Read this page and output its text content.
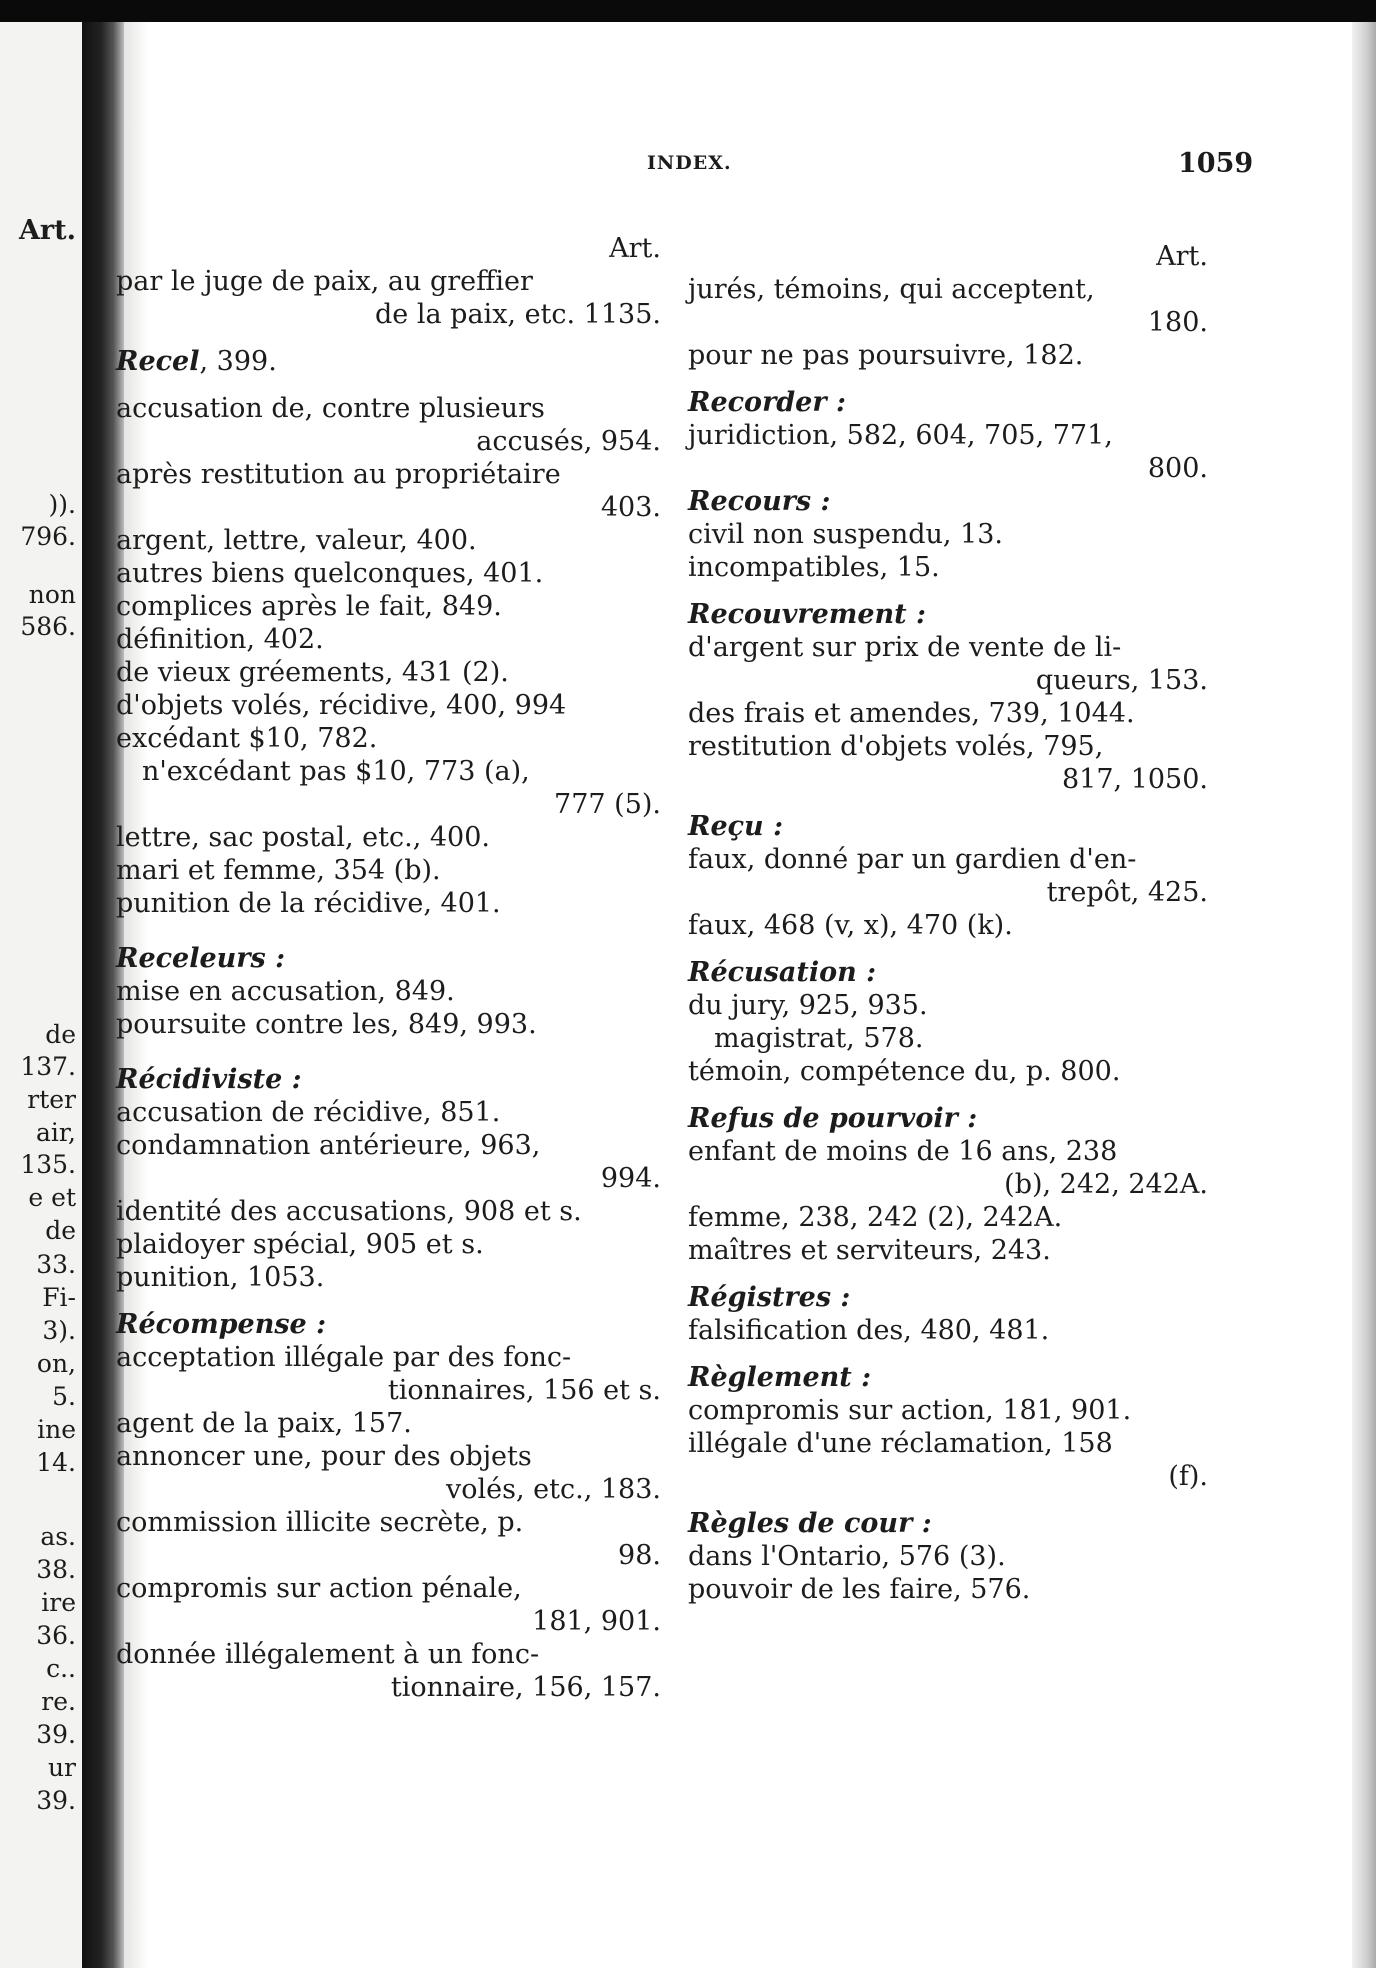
Art.
)).
796.
non
586.
de
137.
rter
air,
135.
e et
de
33.
Fi-
3).
on,
5.
ine
14.
as.
38.
ire
36.
c..
re.
39.
ur
39.
INDEX.	1059
Art.
par le juge de paix, au greffier
de la paix, etc. 1135.
Recel, 399.
accusation de, contre plusieurs
accusés, 954.
après restitution au propriétaire
403.
argent, lettre, valeur, 400.
autres biens quelconques, 401.
complices après le fait, 849.
définition, 402.
de vieux gréements, 431 (2).
d'objets volés, récidive, 400, 994
excédant $10, 782.
n'excédant pas $10, 773 (a),
777 (5).
lettre, sac postal, etc., 400.
mari et femme, 354 (b).
punition de la récidive, 401.
Receleurs :
mise en accusation, 849.
poursuite contre les, 849, 993.
Récidiviste :
accusation de récidive, 851.
condamnation antérieure, 963,
994.
identité des accusations, 908 et s.
plaidoyer spécial, 905 et s.
punition, 1053.
Récompense :
acceptation illégale par des fonc-
tionnaires, 156 et s.
agent de la paix, 157.
annoncer une, pour des objets
volés, etc., 183.
commission illicite secrète, p.
98.
compromis sur action pénale,
181, 901.
donnée illégalement à un fonc-
tionnaire, 156, 157.
Art.
jurés, témoins, qui acceptent,
180.
pour ne pas poursuivre, 182.
Recorder :
juridiction, 582, 604, 705, 771,
800.
Recours :
civil non suspendu, 13.
incompatibles, 15.
Recouvrement :
d'argent sur prix de vente de li-
queurs, 153.
des frais et amendes, 739, 1044.
restitution d'objets volés, 795,
817, 1050.
Reçu :
faux, donné par un gardien d'en-
trepôt, 425.
faux, 468 (v, x), 470 (k).
Récusation :
du jury, 925, 935.
magistrat, 578.
témoin, compétence du, p. 800.
Refus de pourvoir :
enfant de moins de 16 ans, 238
(b), 242, 242A.
femme, 238, 242 (2), 242A.
maîtres et serviteurs, 243.
Régistres :
falsification des, 480, 481.
Règlement :
compromis sur action, 181, 901.
illégale d'une réclamation, 158
(f).
Règles de cour :
dans l'Ontario, 576 (3).
pouvoir de les faire, 576.
